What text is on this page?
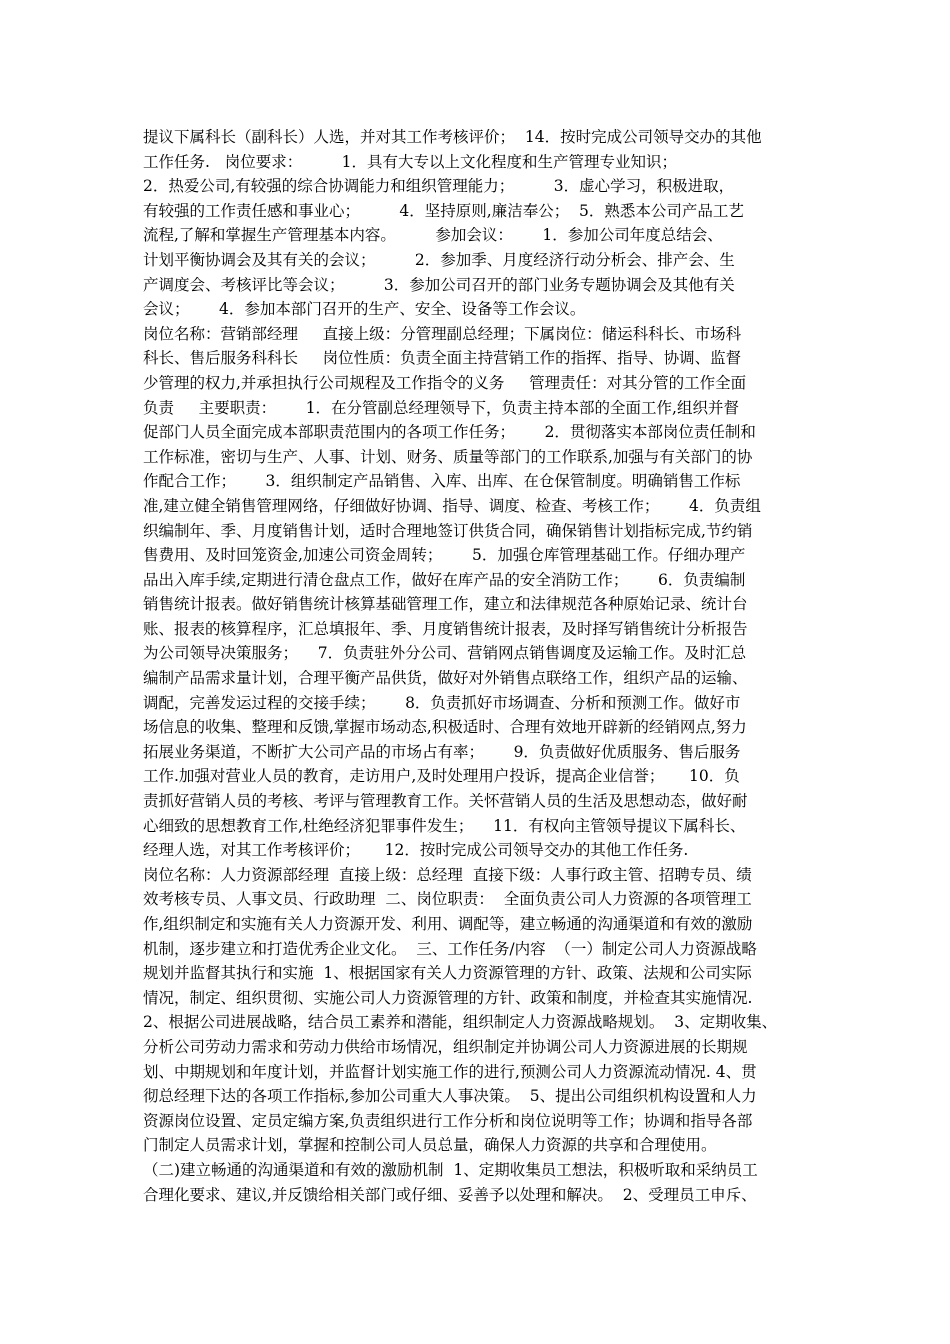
提议下属科长（副科长）人选，并对其工作考核评价；  14．按时完成公司领导交办的其他
工作任务.   岗位要求：        1．具有大专以上文化程度和生产管理专业知识；
2．热爱公司,有较强的综合协调能力和组织管理能力；        3．虚心学习，积极进取，
有较强的工作责任感和事业心；        4．坚持原则,廉洁奉公；  5．熟悉本公司产品工艺
流程,了解和掌握生产管理基本内容。        参加会议：      1．参加公司年度总结会、
计划平衡协调会及其有关的会议；        2．参加季、月度经济行动分析会、排产会、生
产调度会、考核评比等会议；        3．参加公司召开的部门业务专题协调会及其他有关
会议；      4．参加本部门召开的生产、安全、设备等工作会议。
岗位名称：营销部经理     直接上级：分管理副总经理；下属岗位：储运科科长、市场科
科长、售后服务科科长     岗位性质：负责全面主持营销工作的指挥、指导、协调、监督
少管理的权力,并承担执行公司规程及工作指令的义务     管理责任：对其分管的工作全面
负责     主要职责：      1．在分管副总经理领导下，负责主持本部的全面工作,组织并督
促部门人员全面完成本部职责范围内的各项工作任务；      2．贯彻落实本部岗位责任制和
工作标准，密切与生产、人事、计划、财务、质量等部门的工作联系,加强与有关部门的协
作配合工作；      3．组织制定产品销售、入库、出库、在仓保管制度。明确销售工作标
准,建立健全销售管理网络，仔细做好协调、指导、调度、检查、考核工作；      4．负责组
织编制年、季、月度销售计划，适时合理地签订供货合同，确保销售计划指标完成,节约销
售费用、及时回笼资金,加速公司资金周转；      5．加强仓库管理基础工作。仔细办理产
品出入库手续,定期进行清仓盘点工作，做好在库产品的安全消防工作；      6．负责编制
销售统计报表。做好销售统计核算基础管理工作，建立和法律规范各种原始记录、统计台
账、报表的核算程序，汇总填报年、季、月度销售统计报表，及时择写销售统计分析报告
为公司领导决策服务；    7．负责驻外分公司、营销网点销售调度及运输工作。及时汇总
编制产品需求量计划，合理平衡产品供货，做好对外销售点联络工作，组织产品的运输、
调配，完善发运过程的交接手续；      8．负责抓好市场调查、分析和预测工作。做好市
场信息的收集、整理和反馈,掌握市场动态,积极适时、合理有效地开辟新的经销网点,努力
拓展业务渠道，不断扩大公司产品的市场占有率；      9．负责做好优质服务、售后服务
工作.加强对营业人员的教育，走访用户,及时处理用户投诉，提高企业信誉；     10．负
责抓好营销人员的考核、考评与管理教育工作。关怀营销人员的生活及思想动态，做好耐
心细致的思想教育工作,杜绝经济犯罪事件发生；    11．有权向主管领导提议下属科长、
经理人选，对其工作考核评价；     12．按时完成公司领导交办的其他工作任务.
岗位名称：人力资源部经理  直接上级：总经理  直接下级：人事行政主管、招聘专员、绩
效考核专员、人事文员、行政助理  二、岗位职责：  全面负责公司人力资源的各项管理工
作,组织制定和实施有关人力资源开发、利用、调配等，建立畅通的沟通渠道和有效的激励
机制，逐步建立和打造优秀企业文化。  三、工作任务/内容  （一）制定公司人力资源战略
规划并监督其执行和实施  1、根据国家有关人力资源管理的方针、政策、法规和公司实际
情况，制定、组织贯彻、实施公司人力资源管理的方针、政策和制度，并检查其实施情况.
2、根据公司进展战略，结合员工素养和潜能，组织制定人力资源战略规划。  3、定期收集、
分析公司劳动力需求和劳动力供给市场情况，组织制定并协调公司人力资源进展的长期规
划、中期规划和年度计划，并监督计划实施工作的进行,预测公司人力资源流动情况. 4、贯
彻总经理下达的各项工作指标,参加公司重大人事决策。  5、提出公司组织机构设置和人力
资源岗位设置、定员定编方案,负责组织进行工作分析和岗位说明等工作；协调和指导各部
门制定人员需求计划，掌握和控制公司人员总量，确保人力资源的共享和合理使用。
（二)建立畅通的沟通渠道和有效的激励机制  1、定期收集员工想法，积极听取和采纳员工
合理化要求、建议,并反馈给相关部门或仔细、妥善予以处理和解决。  2、受理员工申斥、
